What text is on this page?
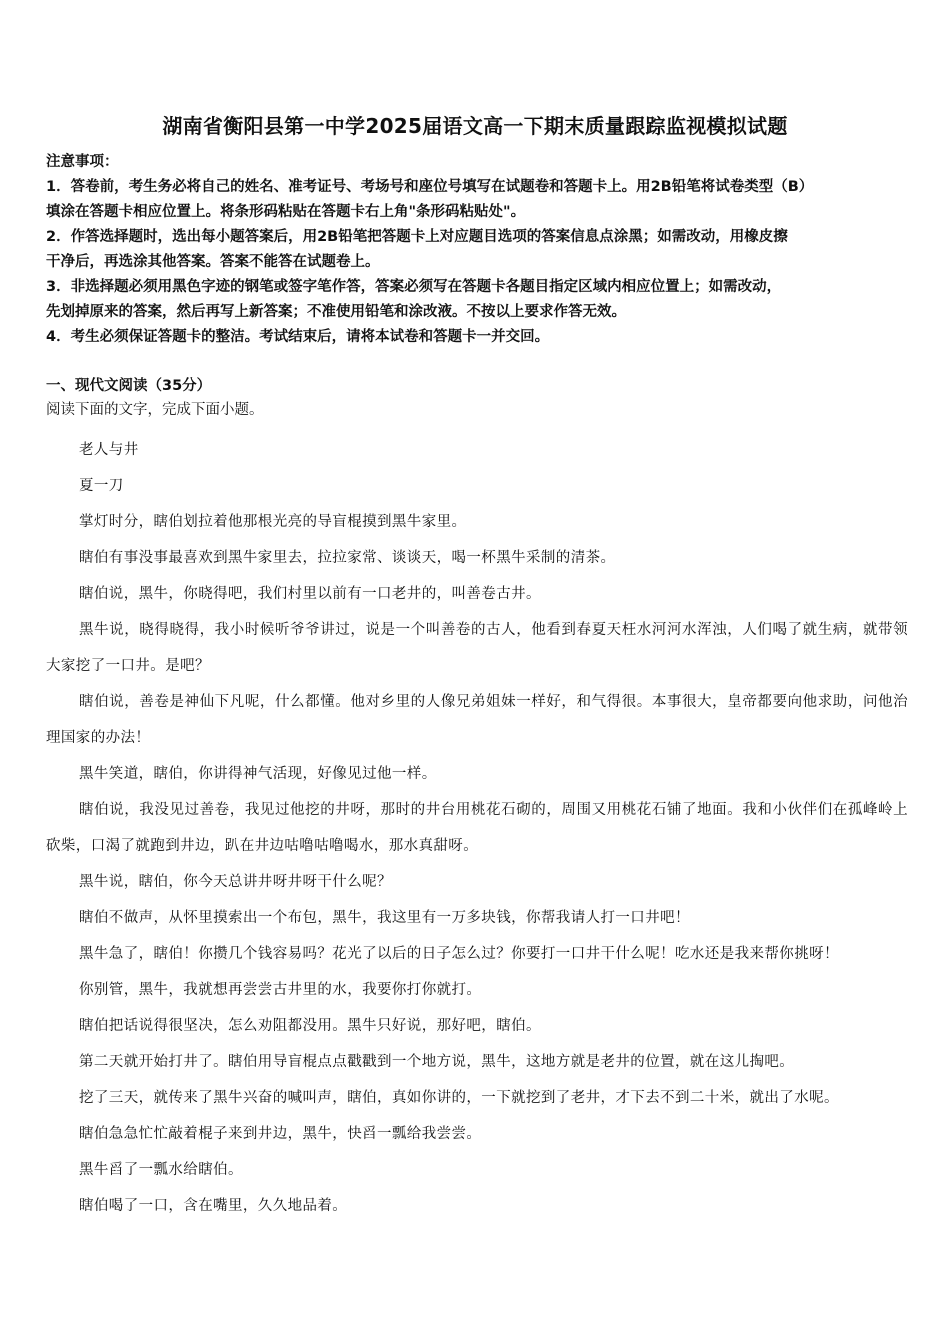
湖南省衡阳县第一中学2025届语文高一下期末质量跟踪监视模拟试题
注意事项：
1．答卷前，考生务必将自己的姓名、准考证号、考场号和座位号填写在试题卷和答题卡上。用2B铅笔将试卷类型（B）
填涂在答题卡相应位置上。将条形码粘贴在答题卡右上角"条形码粘贴处"。
2．作答选择题时，选出每小题答案后，用2B铅笔把答题卡上对应题目选项的答案信息点涂黑；如需改动，用橡皮擦
干净后，再选涂其他答案。答案不能答在试题卷上。
3．非选择题必须用黑色字迹的钢笔或签字笔作答，答案必须写在答题卡各题目指定区域内相应位置上；如需改动，
先划掉原来的答案，然后再写上新答案；不准使用铅笔和涂改液。不按以上要求作答无效。
4．考生必须保证答题卡的整洁。考试结束后，请将本试卷和答题卡一并交回。
一、现代文阅读（35分）
阅读下面的文字，完成下面小题。

老人与井

夏一刀

掌灯时分，瞎伯划拉着他那根光亮的导盲棍摸到黑牛家里。

瞎伯有事没事最喜欢到黑牛家里去，拉拉家常、谈谈天，喝一杯黑牛采制的清茶。

瞎伯说，黑牛，你晓得吧，我们村里以前有一口老井的，叫善卷古井。

黑牛说，晓得晓得，我小时候听爷爷讲过，说是一个叫善卷的古人，他看到春夏天枉水河河水浑浊，人们喝了就生病，就带领大家挖了一口井。是吧？

瞎伯说，善卷是神仙下凡呢，什么都懂。他对乡里的人像兄弟姐妹一样好，和气得很。本事很大，皇帝都要向他求助，问他治理国家的办法！

黑牛笑道，瞎伯，你讲得神气活现，好像见过他一样。

瞎伯说，我没见过善卷，我见过他挖的井呀，那时的井台用桃花石砌的，周围又用桃花石铺了地面。我和小伙伴们在孤峰岭上砍柴，口渴了就跑到井边，趴在井边咕噜咕噜喝水，那水真甜呀。

黑牛说，瞎伯，你今天总讲井呀井呀干什么呢？

瞎伯不做声，从怀里摸索出一个布包，黑牛，我这里有一万多块钱，你帮我请人打一口井吧！

黑牛急了，瞎伯！你攒几个钱容易吗？花光了以后的日子怎么过？你要打一口井干什么呢！吃水还是我来帮你挑呀！

你别管，黑牛，我就想再尝尝古井里的水，我要你打你就打。

瞎伯把话说得很坚决，怎么劝阻都没用。黑牛只好说，那好吧，瞎伯。

第二天就开始打井了。瞎伯用导盲棍点点戳戳到一个地方说，黑牛，这地方就是老井的位置，就在这儿掏吧。

挖了三天，就传来了黑牛兴奋的喊叫声，瞎伯，真如你讲的，一下就挖到了老井，才下去不到二十米，就出了水呢。

瞎伯急急忙忙敲着棍子来到井边，黑牛，快舀一瓢给我尝尝。

黑牛舀了一瓢水给瞎伯。

瞎伯喝了一口，含在嘴里，久久地品着。
